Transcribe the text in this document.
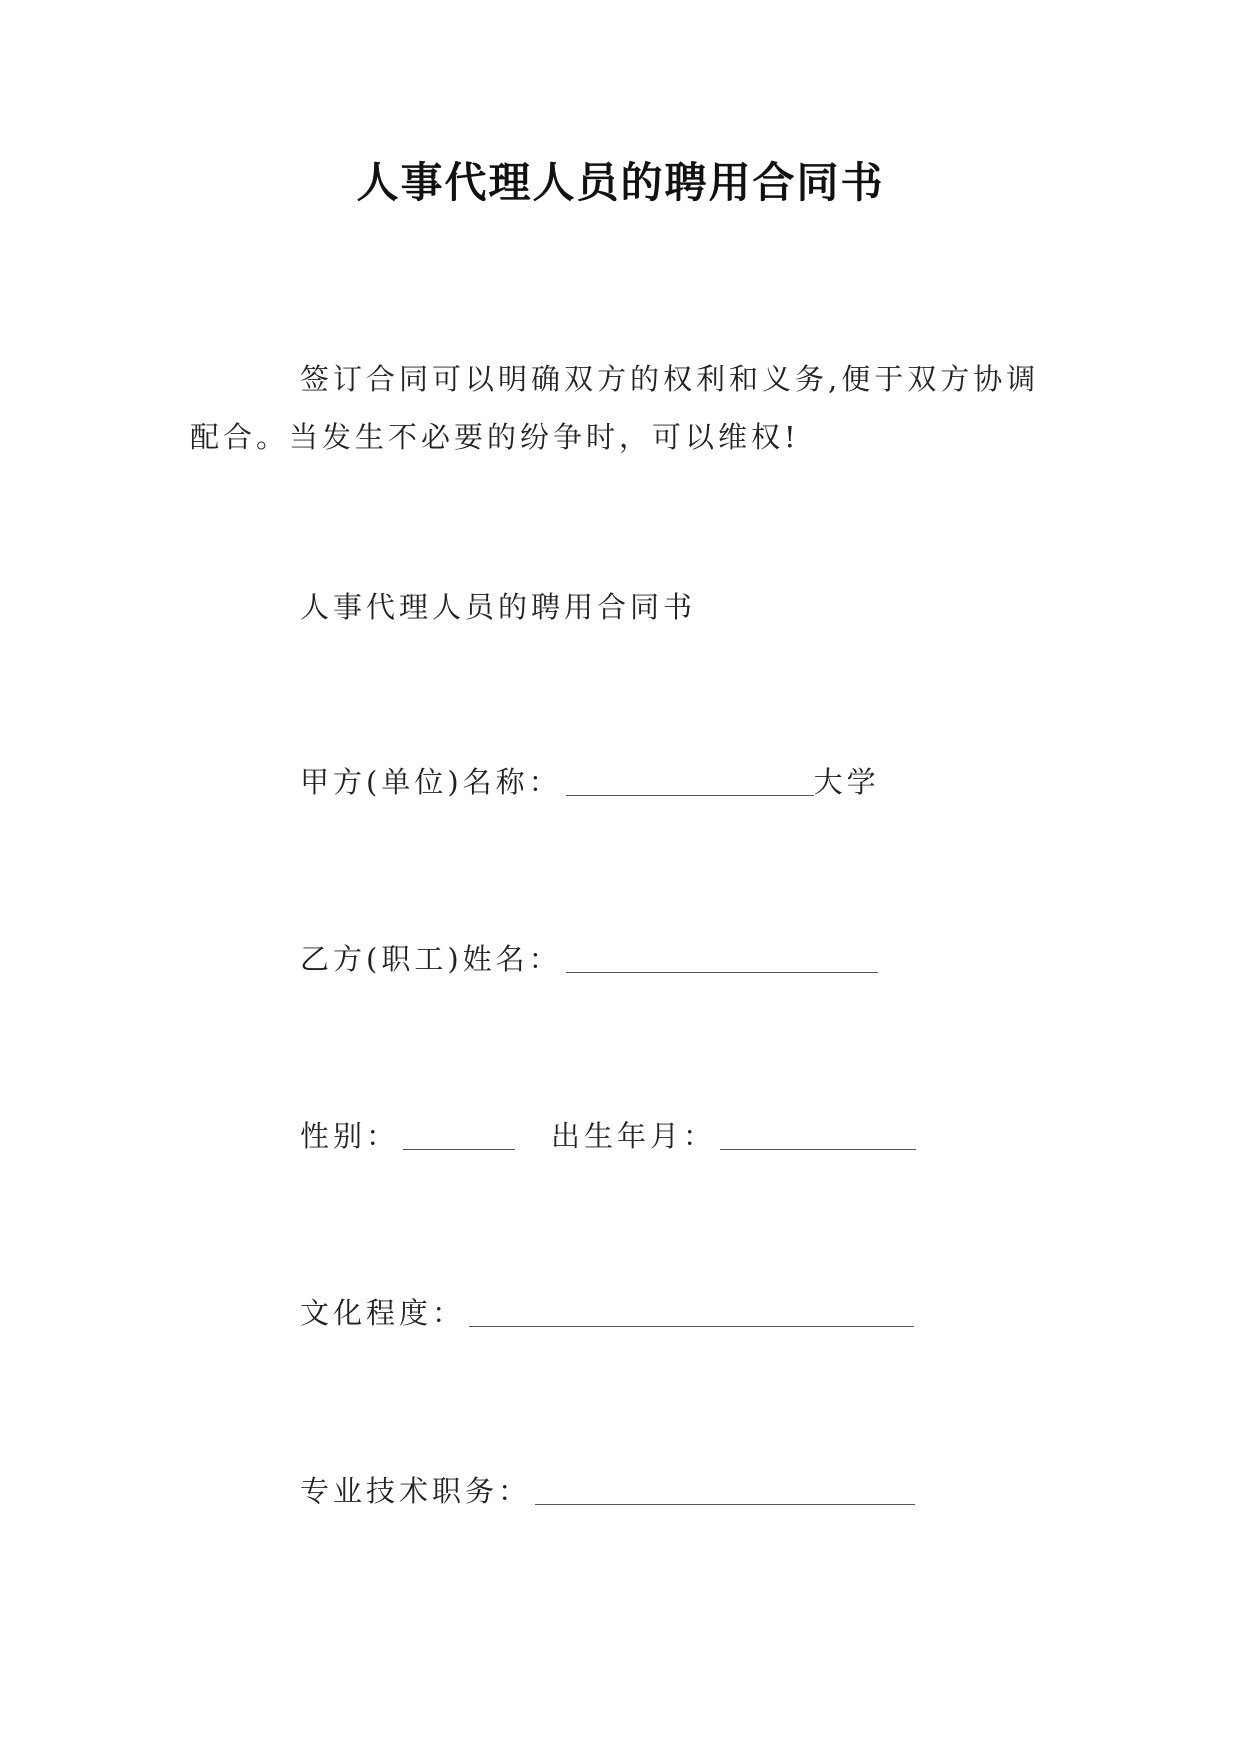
人事代理人员的聘用合同书
签订合同可以明确双方的权利和义务,便于双方协调配合。当发生不必要的纷争时，可以维权!
人事代理人员的聘用合同书
甲方(单位)名称：	大学
乙方(职工)姓名：
性别：	出生年月：
文化程度：
专业技术职务：
